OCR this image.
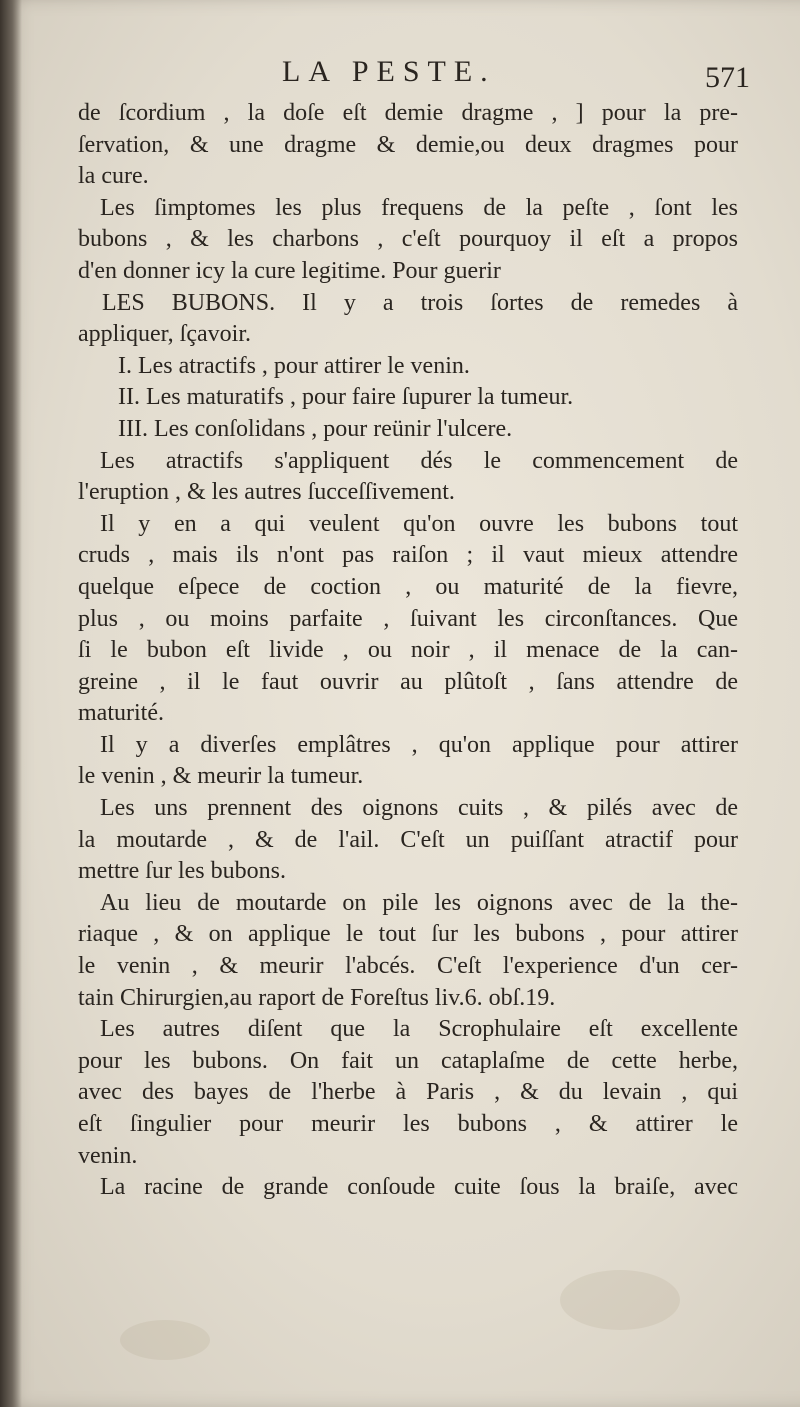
LA PESTE.	571
de ſcordium , la doſe eſt demie dragme , ] pour la pre-
ſervation, & une dragme & demie,ou deux dragmes pour
la cure.
Les ſimptomes les plus frequens de la peſte , ſont les
bubons , & les charbons , c'eſt pourquoy il eſt a propos
d'en donner icy la cure legitime. Pour guerir
LES BUBONS. Il y a trois ſortes de remedes à
appliquer, ſçavoir.
I. Les atractifs , pour attirer le venin.
II. Les maturatifs , pour faire ſupurer la tumeur.
III. Les conſolidans , pour reünir l'ulcere.
Les atractifs s'appliquent dés le commencement de
l'eruption , & les autres ſucceſſivement.
Il y en a qui veulent qu'on ouvre les bubons tout
cruds , mais ils n'ont pas raiſon ; il vaut mieux attendre
quelque eſpece de coction , ou maturité de la fievre,
plus , ou moins parfaite , ſuivant les circonſtances. Que
ſi le bubon eſt livide , ou noir , il menace de la can-
greine , il le faut ouvrir au plûtoſt , ſans attendre de
maturité.
Il y a diverſes emplâtres , qu'on applique pour attirer
le venin , & meurir la tumeur.
Les uns prennent des oignons cuits , & pilés avec de
la moutarde , & de l'ail. C'eſt un puiſſant atractif pour
mettre ſur les bubons.
Au lieu de moutarde on pile les oignons avec de la the-
riaque , & on applique le tout ſur les bubons , pour attirer
le venin , & meurir l'abcés. C'eſt l'experience d'un cer-
tain Chirurgien,au raport de Foreſtus liv.6. obſ.19.
Les autres diſent que la Scrophulaire eſt excellente
pour les bubons. On fait un cataplaſme de cette herbe,
avec des bayes de l'herbe à Paris , & du levain , qui
eſt ſingulier pour meurir les bubons , & attirer le
venin.
La racine de grande conſoude cuite ſous la braiſe, avec
